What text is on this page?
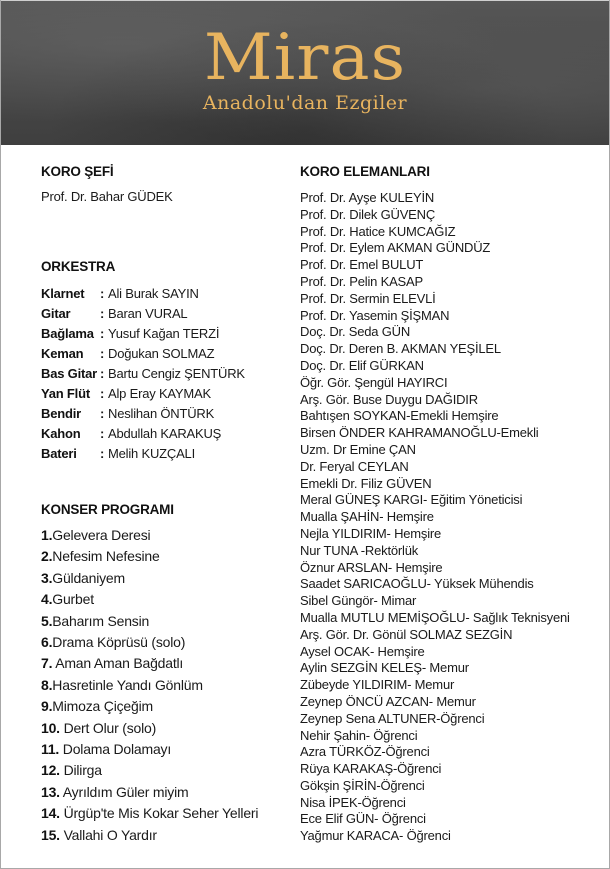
Miras
Anadolu'dan Ezgiler
KORO ŞEFİ
Prof. Dr. Bahar GÜDEK
ORKESTRA
Klarnet	: Ali Burak SAYIN
Gitar	: Baran VURAL
Bağlama : Yusuf Kağan TERZİ
Keman	: Doğukan SOLMAZ
Bas Gitar : Bartu Cengiz ŞENTÜRK
Yan Flüt : Alp Eray KAYMAK
Bendir	: Neslihan ÖNTÜRK
Kahon	: Abdullah KARAKUŞ
Bateri	: Melih KUZÇALI
KONSER PROGRAMI
1.Gelevera Deresi
2.Nefesim Nefesine
3.Güldaniyem
4.Gurbet
5.Baharım Sensin
6.Drama Köprüsü (solo)
7. Aman Aman Bağdatlı
8.Hasretinle Yandı Gönlüm
9.Mimoza Çiçeğim
10. Dert Olur (solo)
11. Dolama Dolamayı
12. Dilirga
13. Ayrıldım Güler miyim
14. Ürgüp'te Mis Kokar Seher Yelleri
15. Vallahi O Yardır
KORO ELEMANLARI
Prof. Dr. Ayşe KULEYİN
Prof. Dr. Dilek GÜVENÇ
Prof. Dr. Hatice KUMCAĞIZ
Prof. Dr. Eylem AKMAN GÜNDÜZ
Prof. Dr. Emel BULUT
Prof. Dr. Pelin KASAP
Prof. Dr. Sermin ELEVLİ
Prof. Dr. Yasemin ŞİŞMAN
Doç. Dr. Seda GÜN
Doç. Dr. Deren B. AKMAN YEŞİLEL
Doç. Dr. Elif GÜRKAN
Öğr. Gör. Şengül HAYIRCI
Arş. Gör. Buse Duygu DAĞIDIR
Bahtışen SOYKAN-Emekli Hemşire
Birsen ÖNDER KAHRAMANOĞLU-Emekli
Uzm. Dr Emine ÇAN
Dr. Feryal CEYLAN
Emekli Dr. Filiz GÜVEN
Meral GÜNEŞ KARGI- Eğitim Yöneticisi
Mualla ŞAHİN- Hemşire
Nejla YILDIRIM- Hemşire
Nur TUNA -Rektörlük
Öznur ARSLAN- Hemşire
Saadet SARICAOĞLU- Yüksek Mühendis
Sibel Güngör- Mimar
Mualla MUTLU MEMİŞOĞLU- Sağlık Teknisyeni
Arş. Gör. Dr. Gönül SOLMAZ SEZGİN
Aysel OCAK- Hemşire
Aylin SEZGİN KELEŞ- Memur
Zübeyde YILDIRIM- Memur
Zeynep ÖNCÜ AZCAN- Memur
Zeynep Sena ALTUNER-Öğrenci
Nehir Şahin- Öğrenci
Azra TÜRKÖZ-Öğrenci
Rüya KARAKAŞ-Öğrenci
Gökşin ŞİRİN-Öğrenci
Nisa İPEK-Öğrenci
Ece Elif GÜN- Öğrenci
Yağmur KARACA- Öğrenci
